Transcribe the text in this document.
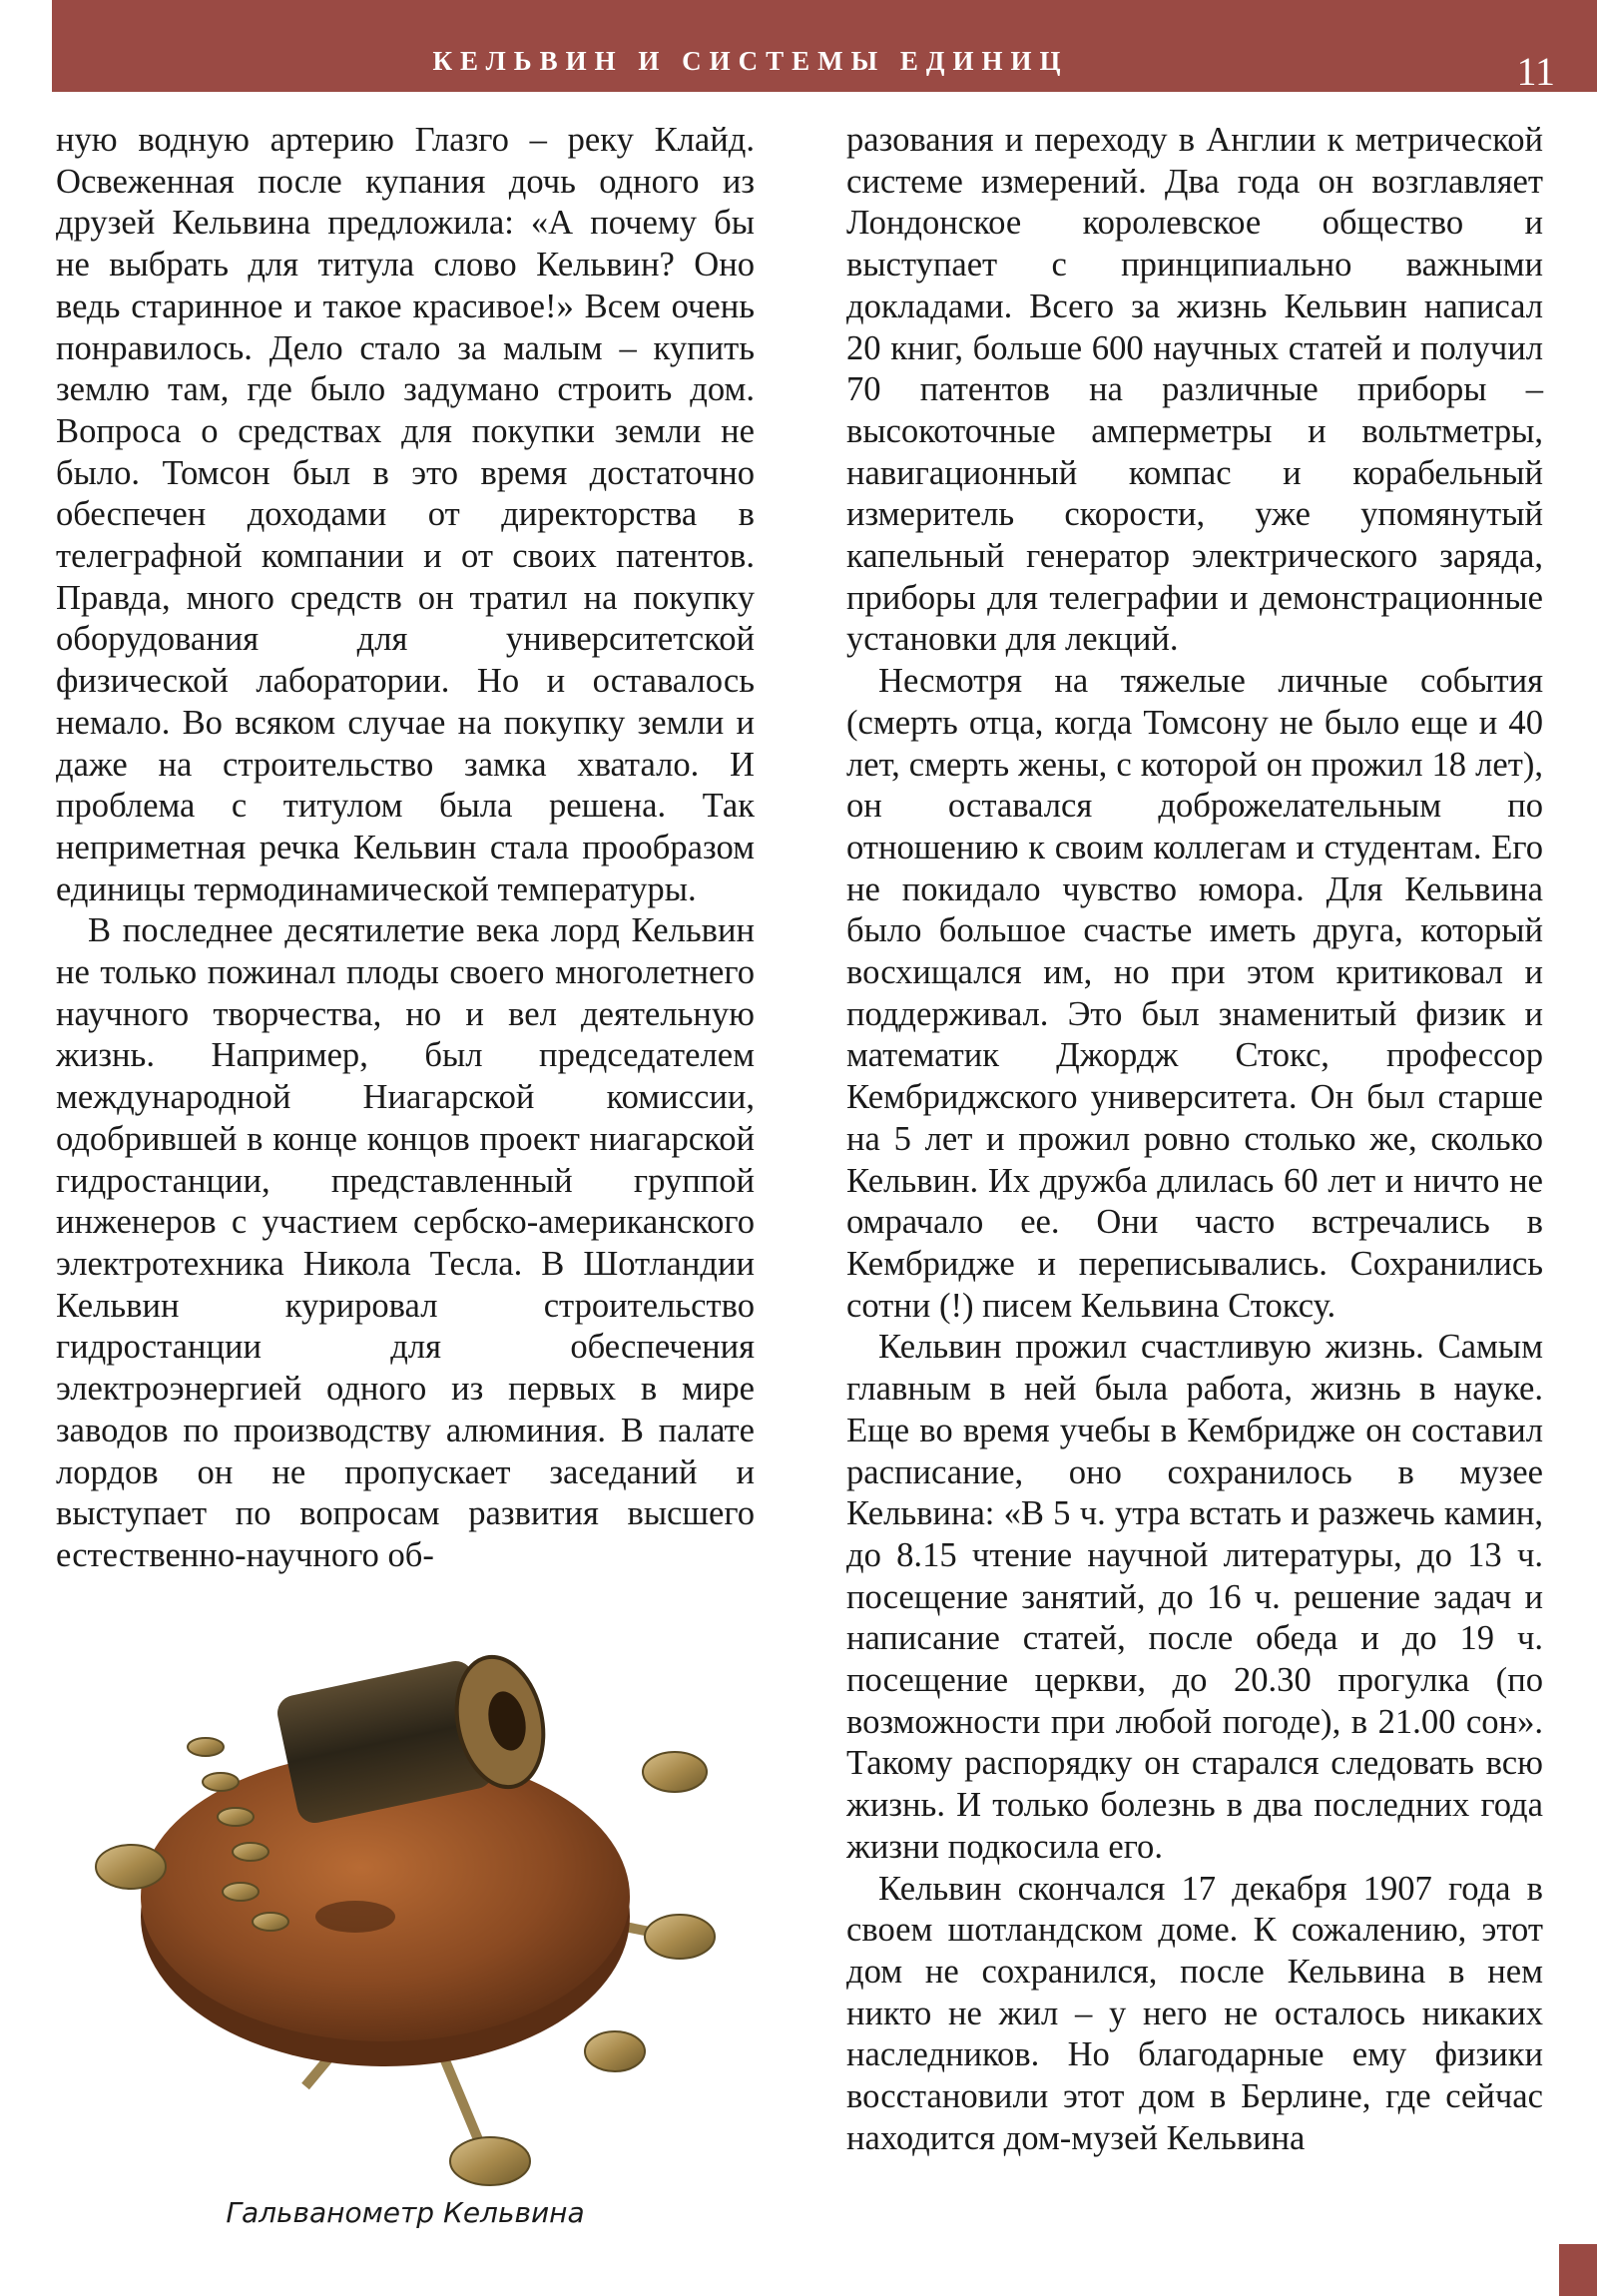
КЕЛЬВИН И СИСТЕМЫ ЕДИНИЦ	11

ную водную артерию Глазго – реку Клайд. Освеженная после купания дочь одного из друзей Кельвина предложила: «А почему бы не выбрать для титула слово Кельвин? Оно ведь старинное и такое красивое!» Всем очень понравилось. Дело стало за малым – купить землю там, где было задумано строить дом. Вопроса о средствах для покупки земли не было. Томсон был в это время достаточно обеспечен доходами от директорства в телеграфной компании и от своих патентов. Правда, много средств он тратил на покупку оборудования для университетской физической лаборатории. Но и оставалось немало. Во всяком случае на покупку земли и даже на строительство замка хватало. И проблема с титулом была решена. Так неприметная речка Кельвин стала прообразом единицы термодинамической температуры.

В последнее десятилетие века лорд Кельвин не только пожинал плоды своего многолетнего научного творчества, но и вел деятельную жизнь. Например, был председателем международной Ниагарской комиссии, одобрившей в конце концов проект ниагарской гидростанции, представленный группой инженеров с участием сербско-американского электротехника Никола Тесла. В Шотландии Кельвин курировал строительство гидростанции для обеспечения электроэнергией одного из первых в мире заводов по производству алюминия. В палате лордов он не пропускает заседаний и выступает по вопросам развития высшего естественно-научного об-

Гальванометр Кельвина

разования и переходу в Англии к метрической системе измерений. Два года он возглавляет Лондонское королевское общество и выступает с принципиально важными докладами. Всего за жизнь Кельвин написал 20 книг, больше 600 научных статей и получил 70 патентов на различные приборы – высокоточные амперметры и вольтметры, навигационный компас и корабельный измеритель скорости, уже упомянутый капельный генератор электрического заряда, приборы для телеграфии и демонстрационные установки для лекций.

Несмотря на тяжелые личные события (смерть отца, когда Томсону не было еще и 40 лет, смерть жены, с которой он прожил 18 лет), он оставался доброжелательным по отношению к своим коллегам и студентам. Его не покидало чувство юмора. Для Кельвина было большое счастье иметь друга, который восхищался им, но при этом критиковал и поддерживал. Это был знаменитый физик и математик Джордж Стокс, профессор Кембриджского университета. Он был старше на 5 лет и прожил ровно столько же, сколько Кельвин. Их дружба длилась 60 лет и ничто не омрачало ее. Они часто встречались в Кембридже и переписывались. Сохранились сотни (!) писем Кельвина Стоксу.

Кельвин прожил счастливую жизнь. Самым главным в ней была работа, жизнь в науке. Еще во время учебы в Кембридже он составил расписание, оно сохранилось в музее Кельвина: «В 5 ч. утра встать и разжечь камин, до 8.15 чтение научной литературы, до 13 ч. посещение занятий, до 16 ч. решение задач и написание статей, после обеда и до 19 ч. посещение церкви, до 20.30 прогулка (по возможности при любой погоде), в 21.00 сон». Такому распорядку он старался следовать всю жизнь. И только болезнь в два последних года жизни подкосила его.

Кельвин скончался 17 декабря 1907 года в своем шотландском доме. К сожалению, этот дом не сохранился, после Кельвина в нем никто не жил – у него не осталось никаких наследников. Но благодарные ему физики восстановили этот дом в Берлине, где сейчас находится дом-музей Кельвина
